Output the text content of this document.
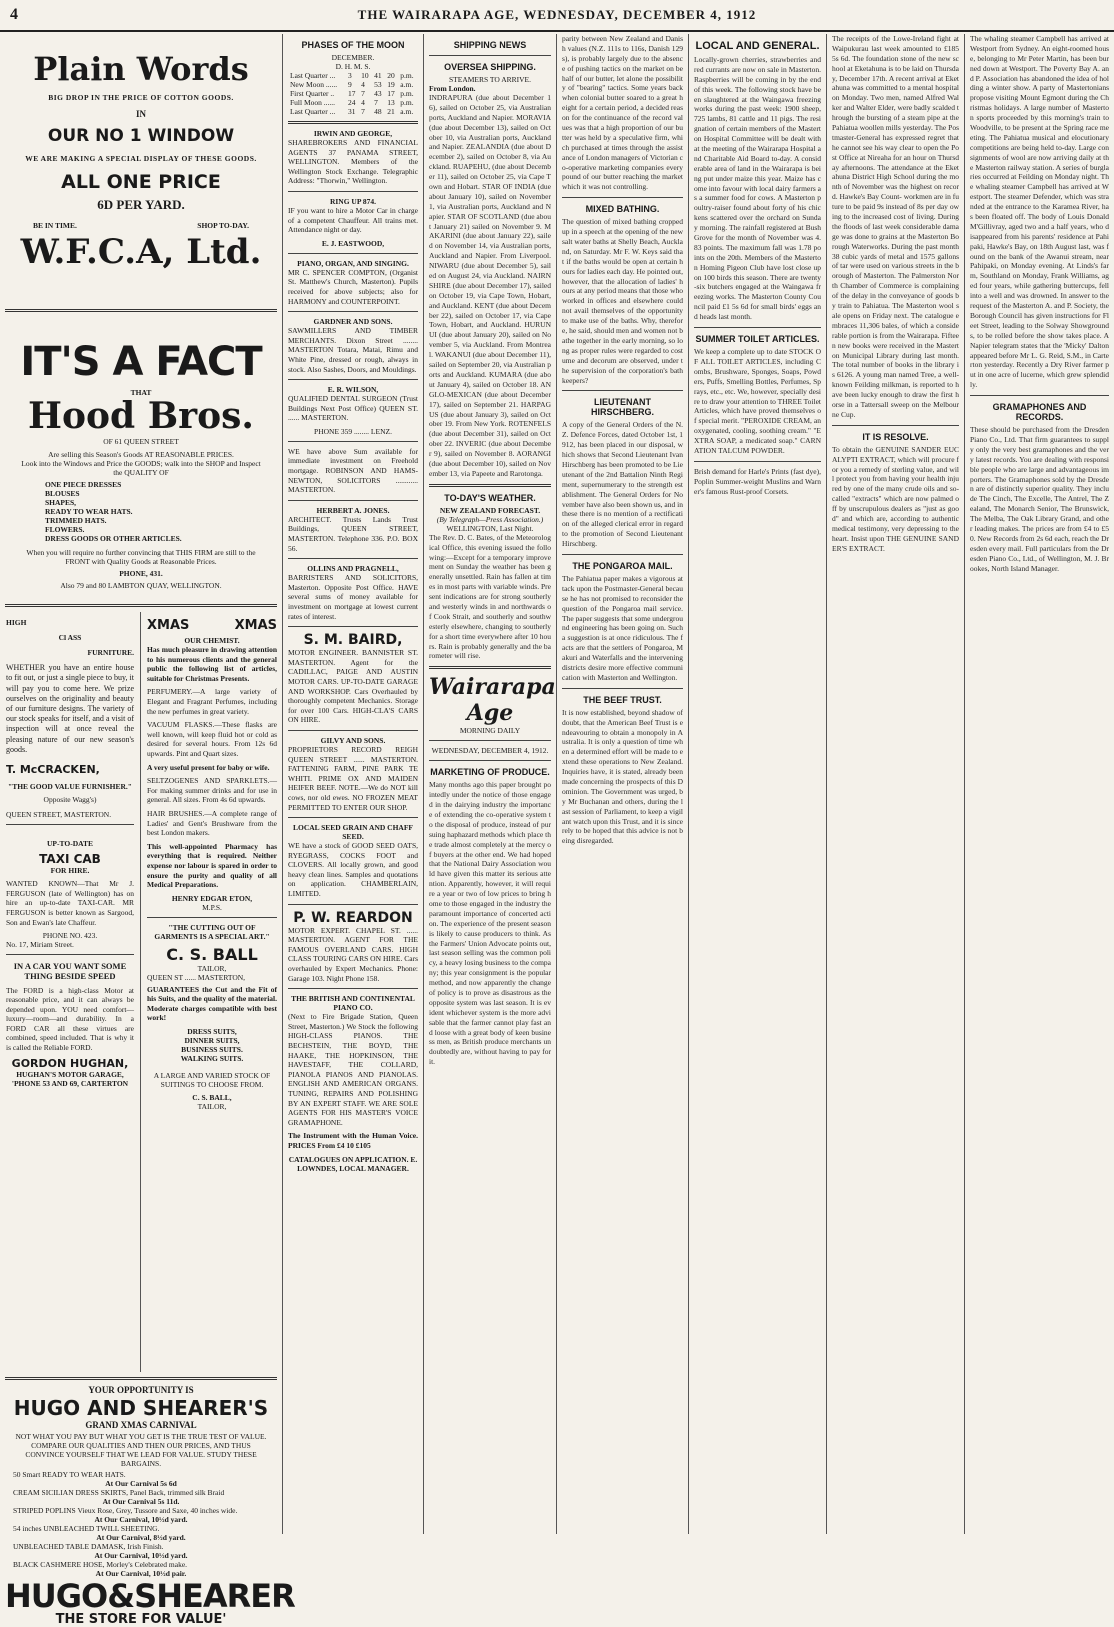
4	THE WAIRARAPA AGE, WEDNESDAY, DECEMBER 4, 1912
Plain Words
BIG DROP IN THE PRICE OF COTTON GOODS.
IN
OUR NO 1 WINDOW
WE ARE MAKING A SPECIAL DISPLAY OF THESE GOODS.
ALL ONE PRICE
6D PER YARD.
BE IN TIME.	SHOP TO-DAY.
W.F.C.A, Ltd.
IT'S A FACT
THAT
Hood Bros.
OF 61 QUEEN STREET
Are selling this Season's Goods AT REASONABLE PRICES.
Look into the Windows and Price the GOODS; walk into the SHOP and Inspect the QUALITY OF
ONE PIECE DRESSES
BLOUSES
SHAPES,
READY TO WEAR HATS.
TRIMMED HATS.
FLOWERS.
DRESS GOODS OR OTHER ARTICLES.
When you will require no further convincing that THIS FIRM are still to the FRONT with Quality Goods at Reasonable Prices.
PHONE, 431.
Also 79 and 80 LAMBTON QUAY, WELLINGTON.
HIGH
Cl ASS
FURNITURE.
WHETHER you have an entire house to fit out, or just a single piece to buy, it will pay you to come here. We prize ourselves on the originality and beauty of our furniture designs. The variety of our stock speaks for itself, and a visit of inspection will at once reveal the pleasing nature of our new season's goods.
T. McCRACKEN,
"THE GOOD VALUE FURNISHER."
Opposite Wagg's)
QUEEN STREET, MASTERTON.
UP-TO-DATE
TAXI CAB
FOR HIRE.
WANTED KNOWN—That Mr J. FERGUSON (late of Wellington) has on hire an up-to-date TAXI-CAR. MR FERGUSON is better known as Sargood, Son and Ewan's late Chaffeur.
PHONE NO. 423.
No. 17, Miriam Street.
IN A CAR YOU WANT SOME THING BESIDE SPEED
The FORD is a high-class Motor at reasonable price, and it can always be depended upon. YOU need comfort—luxury—room—and durability. In a FORD CAR all these virtues are combined, speed included. That is why it is called the Reliable FORD.
GORDON HUGHAN,
HUGHAN'S MOTOR GARAGE,
'PHONE 53 AND 69, CARTERTON
XMAS	XMAS
OUR CHEMIST.
Has much pleasure in drawing attention to his numerous clients and the general public the following list of articles, suitable for Christmas Presents.
PERFUMERY.—A large variety of Elegant and Fragrant Perfumes, including the new perfumes in great variety.
VACUUM FLASKS.—These flasks are well known, will keep fluid hot or cold as desired for several hours. From 12s 6d upwards. Pint and Quart sizes.
A very useful present for baby or wife.
SELTZOGENES AND SPARKLETS.—For making summer drinks and for use in general. All sizes. From 4s 6d upwards.
HAIR BRUSHES.—A complete range of Ladies' and Gent's Brushware from the best London makers.
This well-appointed Pharmacy has everything that is required. Neither expense nor labour is spared in order to ensure the purity and quality of all Medical Preparations.
HENRY EDGAR ETON,
M.P.S.
"THE CUTTING OUT OF GARMENTS IS A SPECIAL ART."
C. S. BALL
TAILOR,
QUEEN ST ...... MASTERTON,
GUARANTEES the Cut and the Fit of his Suits, and the quality of the material. Moderate charges compatible with best work!
DRESS SUITS,
DINNER SUITS,
BUSINESS SUITS.
WALKING SUITS.
A LARGE AND VARIED STOCK OF SUITINGS TO CHOOSE FROM.
C. S. BALL,
TAILOR,
YOUR OPPORTUNITY IS
HUGO AND SHEARER'S
GRAND XMAS CARNIVAL
NOT WHAT YOU PAY BUT WHAT YOU GET IS THE TRUE TEST OF VALUE. COMPARE OUR QUALITIES AND THEN OUR PRICES, AND THUS CONVINCE YOURSELF THAT WE LEAD FOR VALUE. STUDY THESE BARGAINS.
50 Smart READY TO WEAR HATS.
At Our Carnival 5s 6d
CREAM SICILIAN DRESS SKIRTS, Panel Back, trimmed silk Braid
At Our Carnival 5s 11d.
STRIPED POPLINS Vieux Rose, Grey, Tussore and Saxe, 40 inches wide.
At Our Carnival, 10½d yard.
54 inches UNBLEACHED TWILL SHEETING.
At Our Carnival, 8½d yard.
UNBLEACHED TABLE DAMASK, Irish Finish.
At Our Carnival, 10½d yard.
BLACK CASHMERE HOSE, Morley's Celebrated make.
At Our Carnival, 10½d pair.
HUGO&SHEARER
THE STORE FOR VALUE'
PHASES OF THE MOON
DECEMBER.
D. H. M. S.
Last Quarter ...	3	10	41	20	p.m.
New Moon ......	9	4	53	19	a.m.
First Quarter ..	17	7	43	17	p.m.
Full Moon ......	24	4	7	13	p.m.
Last Quarter ...	31	7	48	21	a.m.
IRWIN AND GEORGE,
SHAREBROKERS AND FINANCIAL AGENTS 37 PANAMA STREET, WELLINGTON. Members of the Wellington Stock Exchange. Telegraphic Address: "Thorwin," Wellington.
RING UP 874.
IF you want to hire a Motor Car in charge of a competent Chauffeur. All trains met. Attendance night or day.
E. J. EASTWOOD,
PIANO, ORGAN, AND SINGING.
MR C. SPENCER COMPTON, (Organist St. Matthew's Church, Masterton). Pupils received for above subjects; also for HARMONY and COUNTERPOINT.
GARDNER AND SONS.
SAWMILLERS AND TIMBER MERCHANTS. Dixon Street ........ MASTERTON Totara, Matai, Rimu and White Pine, dressed or rough, always in stock. Also Sashes, Doors, and Mouldings.
E. R. WILSON,
QUALIFIED DENTAL SURGEON (Trust Buildings Next Post Office) QUEEN ST. ...... MASTERTON.
PHONE 359 ........ LENZ.
WE have above Sum available for immediate investment on Freehold mortgage. ROBINSON AND HAMS-NEWTON, SOLICITORS ............ MASTERTON.
HERBERT A. JONES.
ARCHITECT. Trusts Lands Trust Buildings, QUEEN STREET, MASTERTON. Telephone 336. P.O. BOX 56.
OLLINS AND PRAGNELL,
BARRISTERS AND SOLICITORS, Masterton. Opposite Post Office. HAVE several sums of money available for investment on mortgage at lowest current rates of interest.
S. M. BAIRD,
MOTOR ENGINEER. BANNISTER ST. MASTERTON. Agent for the CADILLAC, PAIGE AND AUSTIN MOTOR CARS. UP-TO-DATE GARAGE AND WORKSHOP. Cars Overhauled by thoroughly competent Mechanics. Storage for over 100 Cars. HIGH-CLA'S CARS ON HIRE.
GILVY AND SONS.
PROPRIETORS RECORD REIGH QUEEN STREET ...... MASTERTON. FATTENING FARM, PINE PARK TE WHITI. PRIME OX AND MAIDEN HEIFER BEEF. NOTE.—We do NOT kill cows, nor old ewes. NO FROZEN MEAT PERMITTED TO ENTER OUR SHOP.
LOCAL SEED GRAIN AND CHAFF SEED.
WE have a stock of GOOD SEED OATS, RYEGRASS, COCKS FOOT and CLOVERS. All locally grown, and good heavy clean lines. Samples and quotations on application. CHAMBERLAIN, LIMITED.
P. W. REARDON
MOTOR EXPERT. CHAPEL ST. ...... MASTERTON. AGENT FOR THE FAMOUS OVERLAND CARS. HIGH CLASS TOURING CARS ON HIRE. Cars overhauled by Expert Mechanics. Phone: Garage 103. Night Phone 158.
THE BRITISH AND CONTINENTAL PIANO CO.
(Next to Fire Brigade Station, Queen Street, Masterton.) We Stock the following HIGH-CLASS PIANOS. THE BECHSTEIN, THE BOYD, THE HAAKE, THE HOPKINSON, THE HAVESTAFF, THE COLLARD, PIANOLA PIANOS AND PIANOLAS. ENGLISH AND AMERICAN ORGANS. TUNING, REPAIRS AND POLISHING BY AN EXPERT STAFF. WE ARE SOLE AGENTS FOR HIS MASTER'S VOICE GRAMAPHONE.
The Instrument with the Human Voice. PRICES From £4 10 £105
CATALOGUES ON APPLICATION. E. LOWNDES, LOCAL MANAGER.
SHIPPING NEWS
OVERSEA SHIPPING.
STEAMERS TO ARRIVE.
From London.
INDRAPURA (due about December 16), sailed on October 25, via Australian ports, Auckland and Napier. MORAVIA (due about December 13), sailed on October 10, via Australian ports, Auckland and Napier. ZEALANDIA (due about December 2), sailed on October 8, via Auckland. RUAPEHU, (due about December 11), sailed on October 25, via Cape Town and Hobart. STAR OF INDIA (due about January 10), sailed on November 1, via Australian ports, Auckland and Napier. STAR OF SCOTLAND (due about January 21) sailed on November 9. MAKARINI (due about January 22), sailed on November 14, via Australian ports, Auckland and Napier. From Liverpool. NIWARU (due about December 5), sailed on August 24, via Auckland. NAIRNSHIRE (due about December 17), sailed on October 19, via Cape Town, Hobart, and Auckland. KENT (due about December 22), sailed on October 17, via Cape Town, Hobart, and Auckland. HURUNUI (due about January 20), sailed on November 5, via Auckland. From Montreal. WAKANUI (due about December 11), sailed on September 20, via Australian ports and Auckland. KUMARA (due about January 4), sailed on October 18. ANGLO-MEXICAN (due about December 17), sailed on September 21. HARPAGUS (due about January 3), sailed on October 19. From New York. ROTENFELS (due about December 31), sailed on October 22. INVERIC (due about December 9), sailed on November 8. AORANGI (due about December 10), sailed on November 13, via Papeete and Rarotonga.
TO-DAY'S WEATHER.
NEW ZEALAND FORECAST.
(By Telegraph—Press Association.)
WELLINGTON, Last Night.
The Rev. D. C. Bates, of the Meteorological Office, this evening issued the following:—Except for a temporary improvement on Sunday the weather has been generally unsettled. Rain has fallen at times in most parts with variable winds. Present indications are for strong southerly and westerly winds in and northwards of Cook Strait, and southerly and southwesterly elsewhere, changing to southerly for a short time everywhere after 10 hours. Rain is probably generally and the barometer will rise.
Wairarapa Age
MORNING DAILY
WEDNESDAY, DECEMBER 4, 1912.
MARKETING OF PRODUCE.
Many months ago this paper brought pointedly under the notice of those engaged in the dairying industry the importance of extending the co-operative system to the disposal of produce, instead of pursuing haphazard methods which place the trade almost completely at the mercy of buyers at the other end. We had hoped that the National Dairy Association would have given this matter its serious attention. Apparently, however, it will require a year or two of low prices to bring home to those engaged in the industry the paramount importance of concerted action. The experience of the present season is likely to cause producers to think. As the Farmers' Union Advocate points out, last season selling was the common policy, a heavy losing business to the company; this year consignment is the popular method, and now apparently the change of policy is to prove as disastrous as the opposite system was last season. It is evident whichever system is the more advisable that the farmer cannot play fast and loose with a great body of keen business men, as British produce merchants undoubtedly are, without having to pay for it.
parity between New Zealand and Danish values (N.Z. 111s to 116s, Danish 129s), is probably largely due to the absence of pushing tactics on the market on behalf of our butter, let alone the possibility of "bearing" tactics. Some years back when colonial butter soared to a great height for a certain period, a decided reason for the continuance of the record values was that a high proportion of our butter was held by a speculative firm, which purchased at times through the assistance of London managers of Victorian co-operative marketing companies every pound of our butter reaching the market which it was not controlling.
MIXED BATHING.
The question of mixed bathing cropped up in a speech at the opening of the new salt water baths at Shelly Beach, Auckland, on Saturday. Mr F. W. Keys said that if the baths would be open at certain hours for ladies each day. He pointed out, however, that the allocation of ladies' hours at any period means that those who worked in offices and elsewhere could not avail themselves of the opportunity to make use of the baths. Why, therefore, he said, should men and women not bathe together in the early morning, so long as proper rules were regarded to costume and decorum are observed, under the supervision of the corporation's bathkeepers?
LIEUTENANT HIRSCHBERG.
A copy of the General Orders of the N.Z. Defence Forces, dated October 1st, 1912, has been placed in our disposal, which shows that Second Lieutenant Ivan Hirschberg has been promoted to be Lieutenant of the 2nd Battalion Ninth Regiment, supernumerary to the strength establishment. The General Orders for November have also been shown us, and in these there is no mention of a rectification of the alleged clerical error in regard to the promotion of Second Lieutenant Hirschberg.
THE PONGAROA MAIL.
The Pahiatua paper makes a vigorous attack upon the Postmaster-General because he has not promised to reconsider the question of the Pongaroa mail service. The paper suggests that some underground engineering has been going on. Such a suggestion is at once ridiculous. The facts are that the settlers of Pongaroa, Makuri and Waterfalls and the intervening districts desire more effective communication with Masterton and Wellington.
THE BEEF TRUST.
It is now established, beyond shadow of doubt, that the American Beef Trust is endeavouring to obtain a monopoly in Australia. It is only a question of time when a determined effort will be made to extend these operations to New Zealand. Inquiries have, it is stated, already been made concerning the prospects of this Dominion. The Government was urged, by Mr Buchanan and others, during the last session of Parliament, to keep a vigilant watch upon this Trust, and it is sincerely to be hoped that this advice is not being disregarded.
LOCAL AND GENERAL.
Locally-grown cherries, strawberries and red currants are now on sale in Masterton. Raspberries will be coming in by the end of this week. The following stock have been slaughtered at the Waingawa freezing works during the past week: 1900 sheep, 725 lambs, 81 cattle and 11 pigs. The resignation of certain members of the Masterton Hospital Committee will be dealt with at the meeting of the Wairarapa Hospital and Charitable Aid Board to-day. A considerable area of land in the Wairarapa is being put under maize this year. Maize has come into favour with local dairy farmers as a summer food for cows. A Masterton poultry-raiser found about forty of his chickens scattered over the orchard on Sunday morning. The rainfall registered at Bush Grove for the month of November was 4.83 points. The maximum fall was 1.78 points on the 20th. Members of the Masterton Homing Pigeon Club have lost close upon 100 birds this season. There are twenty-six butchers engaged at the Waingawa freezing works. The Masterton County Council paid £1 5s 6d for small birds' eggs and heads last month.
SUMMER TOILET ARTICLES.
We keep a complete up to date STOCK OF ALL TOILET ARTICLES, including Combs, Brushware, Sponges, Soaps, Powders, Puffs, Smelling Bottles, Perfumes, Sprays, etc., etc. We, however, specially desire to draw your attention to THREE Toilet Articles, which have proved themselves of special merit. "PEROXIDE CREAM, an oxygenated, cooling, soothing cream." "EXTRA SOAP, a medicated soap." CARNATION TALCUM POWDER.
Brish demand for Harle's Prints (fast dye), Poplin Summer-weight Muslins and Warner's famous Rust-proof Corsets.
The receipts of the Lowe-Ireland fight at Waipukurau last week amounted to £185 5s 6d. The foundation stone of the new school at Eketahuna is to be laid on Thursday, December 17th. A recent arrival at Eketahuna was committed to a mental hospital on Monday. Two men, named Alfred Walker and Walter Elder, were badly scalded through the bursting of a steam pipe at the Pahiatua woollen mills yesterday. The Postmaster-General has expressed regret that he cannot see his way clear to open the Post Office at Nireaha for an hour on Thursday afternoons. The attendance at the Eketahuna District High School during the month of November was the highest on record. Hawke's Bay Count- workmen are in future to be paid 9s instead of 8s per day owing to the increased cost of living. During the floods of last week considerable damage was done to grains at the Masterton Borough Waterworks. During the past month 38 cubic yards of metal and 1575 gallons of tar were used on various streets in the borough of Masterton. The Palmerston North Chamber of Commerce is complaining of the delay in the conveyance of goods by train to Pahiatua. The Masterton wool sale opens on Friday next. The catalogue embraces 11,306 bales, of which a considerable portion is from the Wairarapa. Fifteen new books were received in the Masterton Municipal Library during last month. The total number of books in the library is 6126. A young man named Tree, a well-known Feilding milkman, is reported to have been lucky enough to draw the first horse in a Tattersall sweep on the Melbourne Cup.
IT IS RESOLVE.
To obtain the GENUINE SANDER EUCALYPTI EXTRACT, which will procure for you a remedy of sterling value, and will protect you from having your health injured by one of the many crude oils and so-called "extracts" which are now palmed off by unscrupulous dealers as "just as good" and which are, according to authentic medical testimony, very depressing to the heart. Insist upon THE GENUINE SANDER'S EXTRACT.
The whaling steamer Campbell has arrived at Westport from Sydney. An eight-roomed house, belonging to Mr Peter Martin, has been burned down at Westport. The Poverty Bay A. and P. Association has abandoned the idea of holding a winter show. A party of Mastertonians propose visiting Mount Egmont during the Christmas holidays. A large number of Masterton sports proceeded by this morning's train to Woodville, to be present at the Spring race meeting. The Pahiatua musical and elocutionary competitions are being held to-day. Large consignments of wool are now arriving daily at the Masterton railway station. A series of burglaries occurred at Feilding on Monday night. The whaling steamer Campbell has arrived at Westport. The steamer Defender, which was stranded at the entrance to the Karamea River, has been floated off. The body of Louis Donald M'Gillivray, aged two and a half years, who disappeared from his parents' residence at Pahipaki, Hawke's Bay, on 18th August last, was found on the bank of the Awanui stream, near Pahipaki, on Monday evening. At Linds's farm, Southland on Monday, Frank Williams, aged four years, while gathering buttercups, fell into a well and was drowned. In answer to the request of the Masterton A. and P. Society, the Borough Council has given instructions for Fleet Street, leading to the Solway Showgrounds, to be rolled before the show takes place. A Napier telegram states that the 'Micky' Dalton appeared before Mr L. G. Reid, S.M., in Carterton yesterday. Recently a Dry River farmer put in one acre of lucerne, which grew splendidly.
GRAMAPHONES AND RECORDS.
These should be purchased from the Dresden Piano Co., Ltd. That firm guarantees to supply only the very best gramaphones and the very latest records. You are dealing with responsible people who are large and advantageous importers. The Gramaphones sold by the Dresden are of distinctly superior quality. They include The Cinch, The Excelle, The Antrel, The Zealand, The Monarch Senior, The Brunswick, The Melba, The Oak Library Grand, and other leading makes. The prices are from £4 to £50. New Records from 2s 6d each, reach the Dresden every mail. Full particulars from the Dresden Piano Co., Ltd., of Wellington, M. J. Brookes, North Island Manager.
